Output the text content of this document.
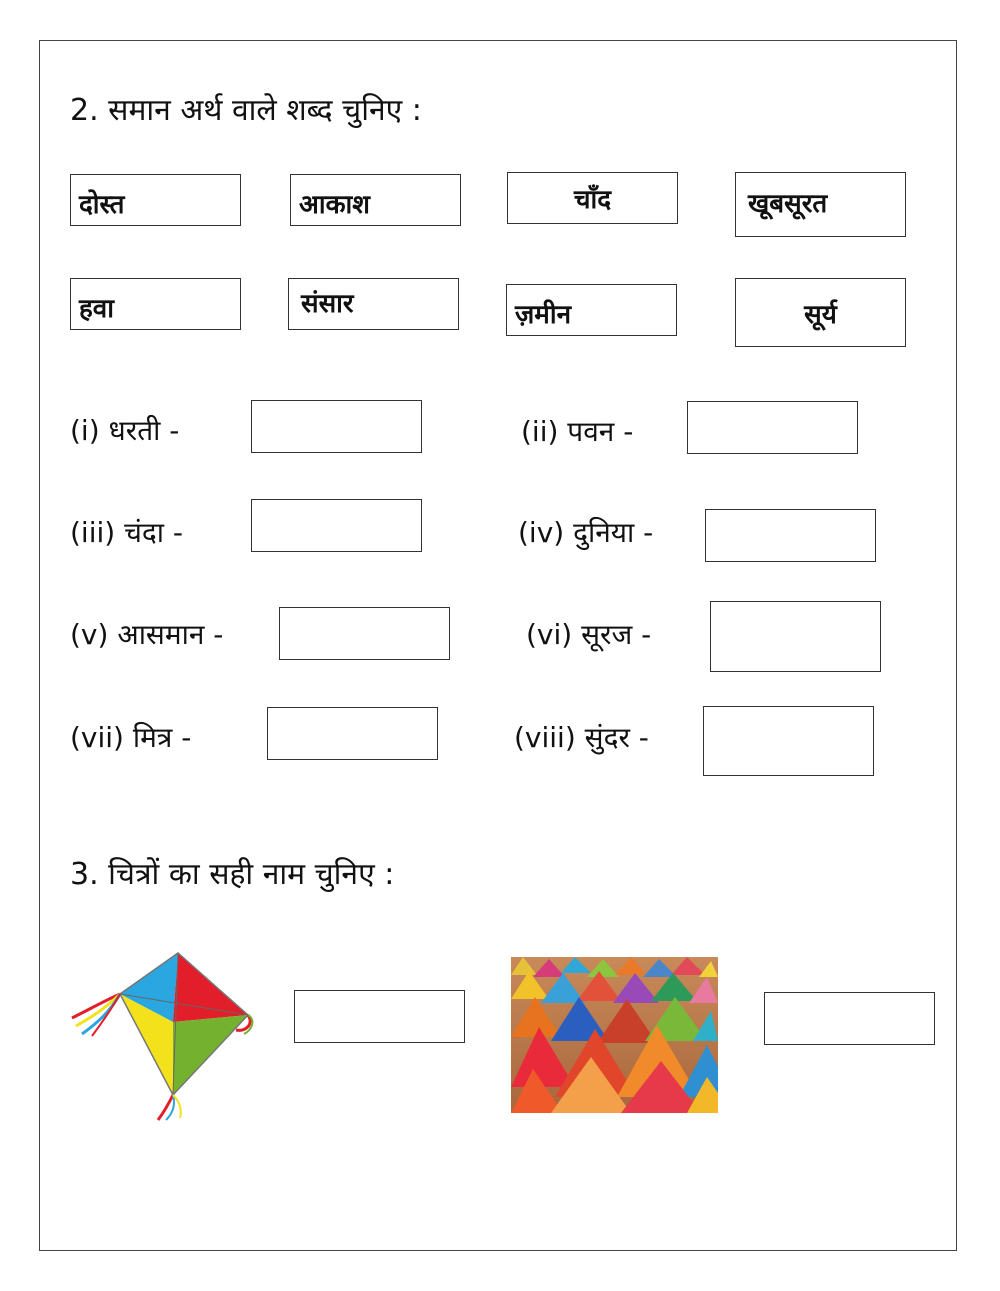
2. समान अर्थ वाले शब्द चुनिए :
दोस्त	आकाश	चाँद	खूबसूरत
हवा	संसार	ज़मीन	सूर्य
(i) धरती -	(ii) पवन -
(iii) चंदा -	(iv) दुनिया -
(v) आसमान -	(vi) सूरज -
(vii) मित्र -	(viii) सुंदर -
3. चित्रों का सही नाम चुनिए :
